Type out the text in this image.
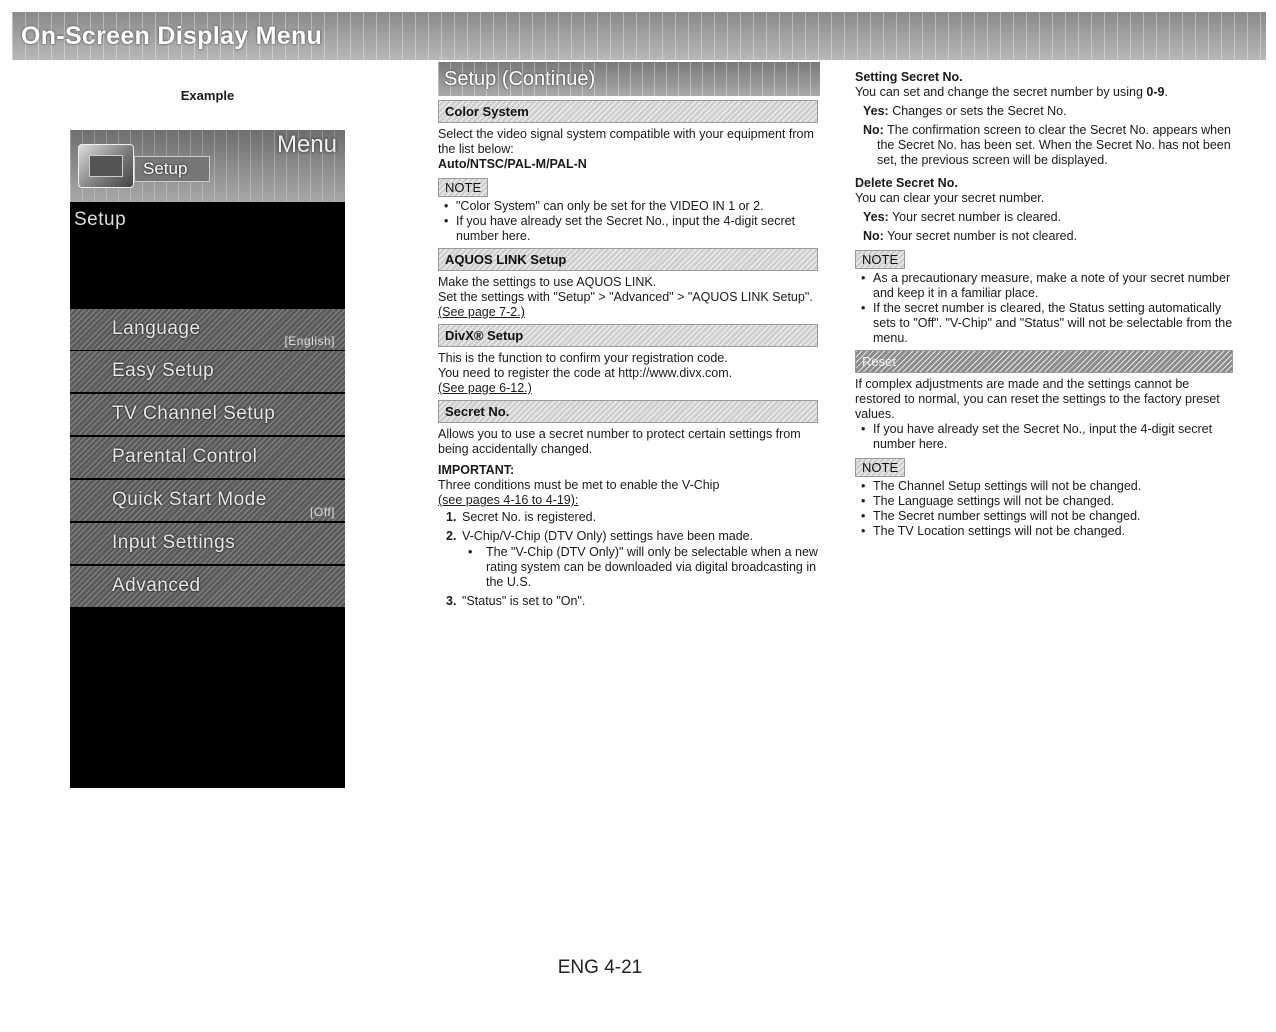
On-Screen Display Menu
Example
Menu
Setup
Setup
Language
[English]
Easy Setup
TV Channel Setup
Parental Control
Quick Start Mode
[Off]
Input Settings
Advanced
Setup (Continue)
Color System

Select the video signal system compatible with your equipment from the list below:

Auto/NTSC/PAL-M/PAL-N

NOTE
• "Color System" can only be set for the VIDEO IN 1 or 2.
• If you have already set the Secret No., input the 4-digit secret number here.
AQUOS LINK Setup

Make the settings to use AQUOS LINK.

Set the settings with "Setup" > "Advanced" > "AQUOS LINK Setup".

(See page 7-2.)

DivX® Setup

This is the function to confirm your registration code.

You need to register the code at http://www.divx.com.

(See page 6-12.)

Secret No.

Allows you to use a secret number to protect certain settings from being accidentally changed.

IMPORTANT:

Three conditions must be met to enable the V-Chip

(see pages 4-16 to 4-19):

1. Secret No. is registered.
2. V-Chip/V-Chip (DTV Only) settings have been made.
• The "V-Chip (DTV Only)" will only be selectable when a new rating system can be downloaded via digital broadcasting in the U.S.
3. "Status" is set to "On".

Setting Secret No.

You can set and change the secret number by using 0-9.

Yes: Changes or sets the Secret No.

No: The confirmation screen to clear the Secret No. appears when the Secret No. has been set. When the Secret No. has not been set, the previous screen will be displayed.

Delete Secret No.

You can clear your secret number.

Yes: Your secret number is cleared.

No: Your secret number is not cleared.

NOTE
• As a precautionary measure, make a note of your secret number and keep it in a familiar place.
• If the secret number is cleared, the Status setting automatically sets to "Off". "V-Chip" and "Status" will not be selectable from the menu.
Reset

If complex adjustments are made and the settings cannot be restored to normal, you can reset the settings to the factory preset values.

• If you have already set the Secret No., input the 4-digit secret number here.
NOTE
• The Channel Setup settings will not be changed.
• The Language settings will not be changed.
• The Secret number settings will not be changed.
• The TV Location settings will not be changed.
ENG 4-21
